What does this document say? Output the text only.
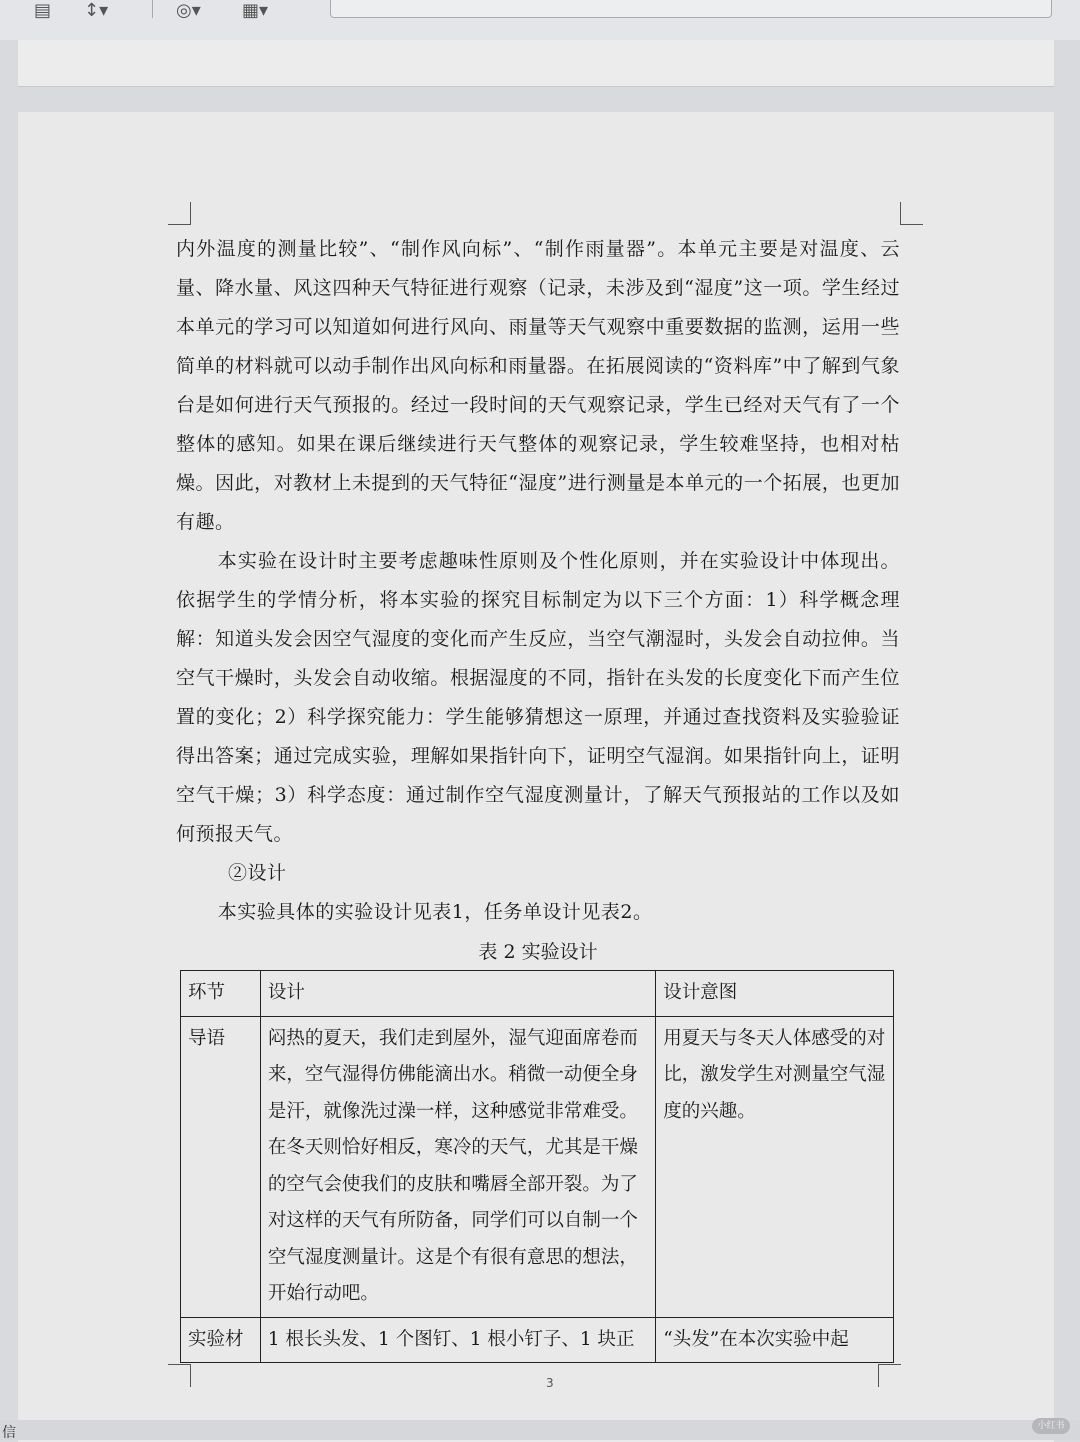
▤ ↕▾	◎▾ ▦▾

内外温度的测量比较”、“制作风向标”、“制作雨量器”。本单元主要是对温度、云量、降水量、风这四种天气特征进行观察（记录，未涉及到“湿度”这一项。学生经过本单元的学习可以知道如何进行风向、雨量等天气观察中重要数据的监测，运用一些简单的材料就可以动手制作出风向标和雨量器。在拓展阅读的“资料库”中了解到气象台是如何进行天气预报的。经过一段时间的天气观察记录，学生已经对天气有了一个整体的感知。如果在课后继续进行天气整体的观察记录，学生较难坚持，也相对枯燥。因此，对教材上未提到的天气特征“湿度”进行测量是本单元的一个拓展，也更加有趣。

本实验在设计时主要考虑趣味性原则及个性化原则，并在实验设计中体现出。依据学生的学情分析，将本实验的探究目标制定为以下三个方面：1）科学概念理解：知道头发会因空气湿度的变化而产生反应，当空气潮湿时，头发会自动拉伸。当空气干燥时，头发会自动收缩。根据湿度的不同，指针在头发的长度变化下而产生位置的变化；2）科学探究能力：学生能够猜想这一原理，并通过查找资料及实验验证得出答案；通过完成实验，理解如果指针向下，证明空气湿润。如果指针向上，证明空气干燥；3）科学态度：通过制作空气湿度测量计，了解天气预报站的工作以及如何预报天气。

②设计

本实验具体的实验设计见表1，任务单设计见表2。

表 2 实验设计
环节	设计	设计意图
导语	闷热的夏天，我们走到屋外，湿气迎面席卷而来，空气湿得仿佛能滴出水。稍微一动便全身是汗，就像洗过澡一样，这种感觉非常难受。在冬天则恰好相反，寒冷的天气，尤其是干燥的空气会使我们的皮肤和嘴唇全部开裂。为了对这样的天气有所防备，同学们可以自制一个空气湿度测量计。这是个有很有意思的想法，开始行动吧。	用夏天与冬天人体感受的对比，激发学生对测量空气湿度的兴趣。
实验材	1 根长头发、1 个图钉、1 根小钉子、1 块正	“头发”在本次实验中起
3
信	小红书
